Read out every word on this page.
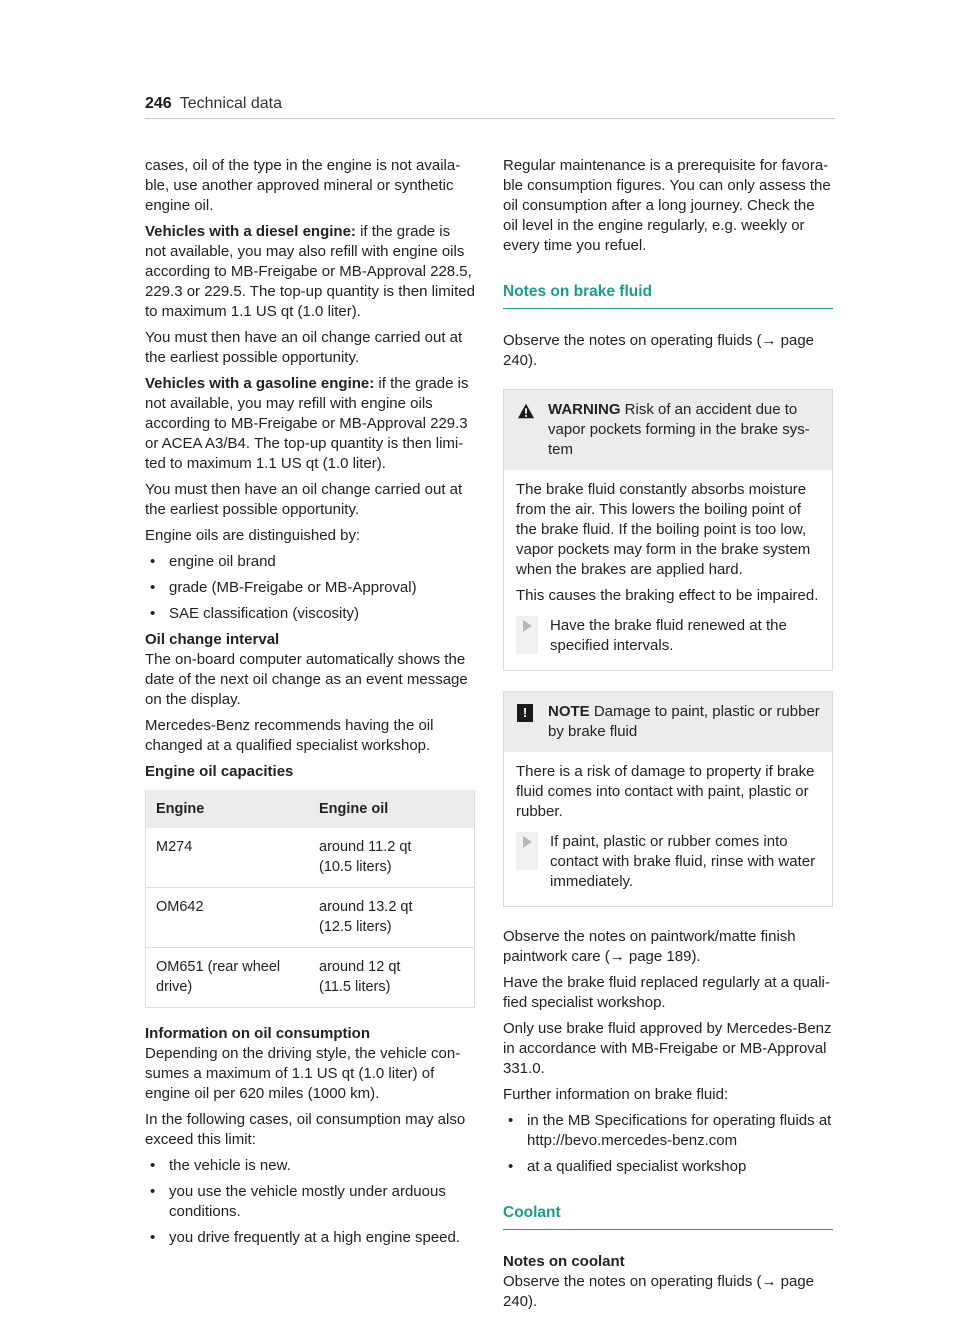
246 Technical data

cases, oil of the type in the engine is not available, use another approved mineral or synthetic engine oil.

Vehicles with a diesel engine: if the grade is not available, you may also refill with engine oils according to MB-Freigabe or MB-Approval 228.5, 229.3 or 229.5. The top-up quantity is then limited to maximum 1.1 US qt (1.0 liter).

You must then have an oil change carried out at the earliest possible opportunity.

Vehicles with a gasoline engine: if the grade is not available, you may refill with engine oils according to MB-Freigabe or MB-Approval 229.3 or ACEA A3/B4. The top-up quantity is then limited to maximum 1.1 US qt (1.0 liter).

You must then have an oil change carried out at the earliest possible opportunity.

Engine oils are distinguished by:

• engine oil brand
• grade (MB-Freigabe or MB-Approval)
• SAE classification (viscosity)

Oil change interval

The on-board computer automatically shows the date of the next oil change as an event message on the display.

Mercedes-Benz recommends having the oil changed at a qualified specialist workshop.

Engine oil capacities

Engine	Engine oil
M274	around 11.2 qt
(10.5 liters)
OM642	around 13.2 qt
(12.5 liters)
OM651 (rear wheel drive)	around 12 qt
(11.5 liters)

Information on oil consumption

Depending on the driving style, the vehicle consumes a maximum of 1.1 US qt (1.0 liter) of engine oil per 620 miles (1000 km).

In the following cases, oil consumption may also exceed this limit:

• the vehicle is new.
• you use the vehicle mostly under arduous conditions.
• you drive frequently at a high engine speed.

Regular maintenance is a prerequisite for favorable consumption figures. You can only assess the oil consumption after a long journey. Check the oil level in the engine regularly, e.g. weekly or every time you refuel.

Notes on brake fluid

Observe the notes on operating fluids (→ page 240).

WARNING Risk of an accident due to vapor pockets forming in the brake system

The brake fluid constantly absorbs moisture from the air. This lowers the boiling point of the brake fluid. If the boiling point is too low, vapor pockets may form in the brake system when the brakes are applied hard.

This causes the braking effect to be impaired.

Have the brake fluid renewed at the specified intervals.
!	NOTE Damage to paint, plastic or rubber by brake fluid

There is a risk of damage to property if brake fluid comes into contact with paint, plastic or rubber.

If paint, plastic or rubber comes into contact with brake fluid, rinse with water immediately.

Observe the notes on paintwork/matte finish paintwork care (→ page 189).

Have the brake fluid replaced regularly at a qualified specialist workshop.

Only use brake fluid approved by Mercedes-Benz in accordance with MB-Freigabe or MB-Approval 331.0.

Further information on brake fluid:

• in the MB Specifications for operating fluids at http://bevo.mercedes-benz.com
• at a qualified specialist workshop
Coolant

Notes on coolant

Observe the notes on operating fluids (→ page 240).
